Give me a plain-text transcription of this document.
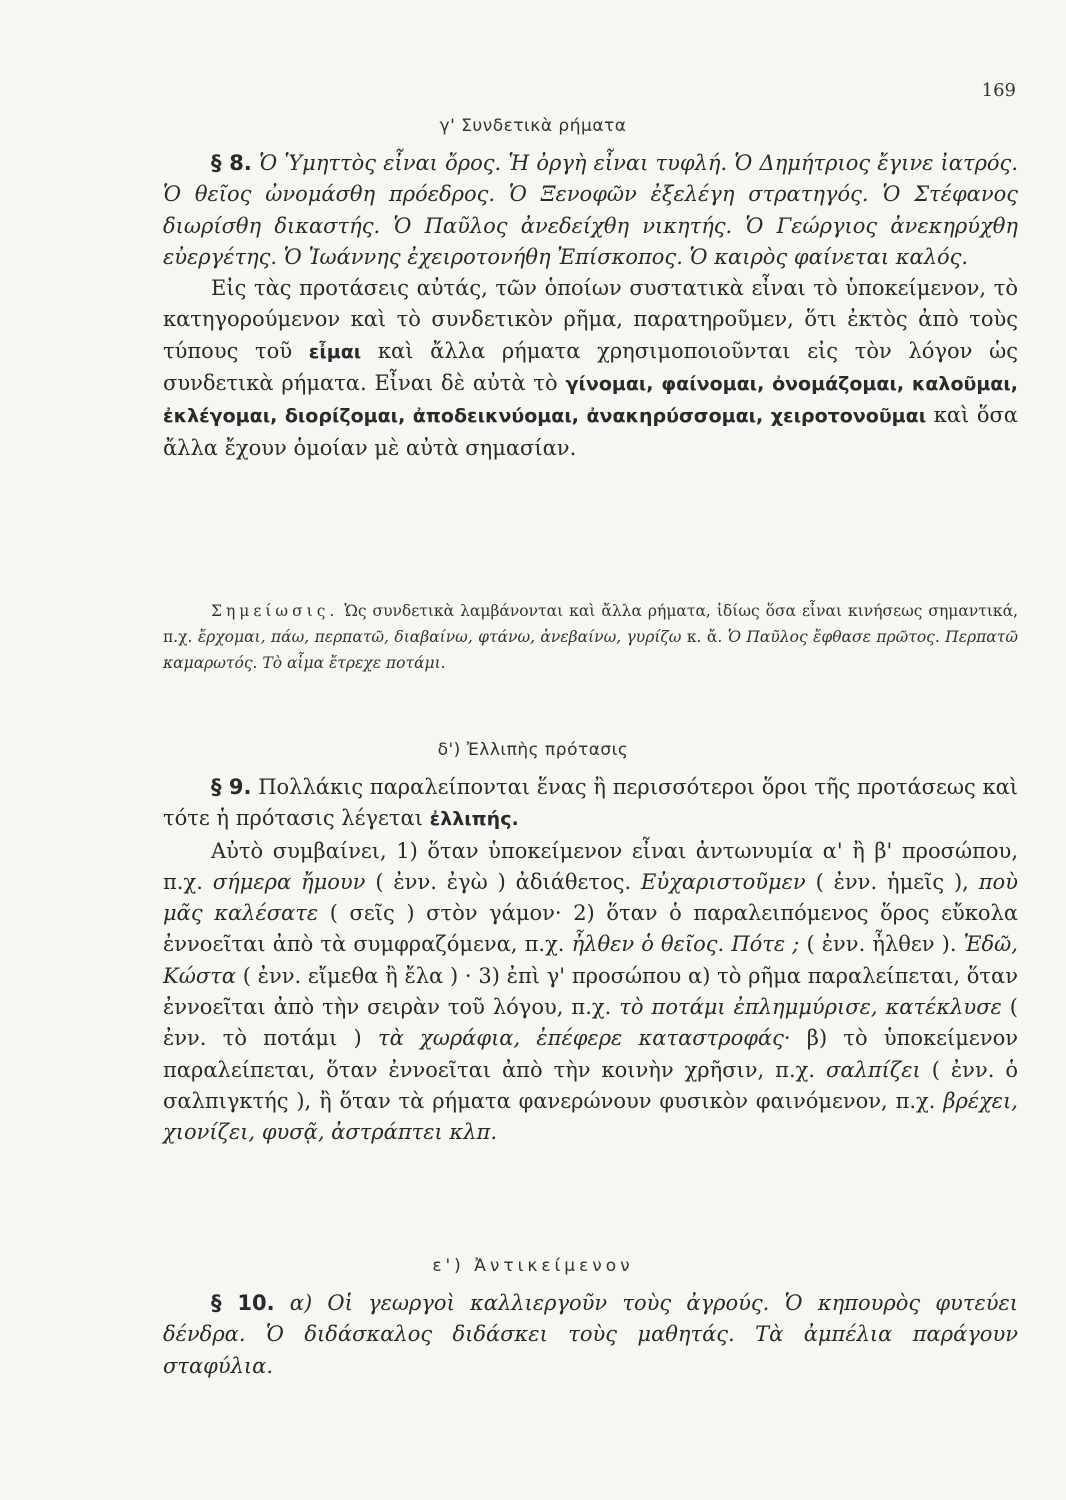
169
γ' Συνδετικὰ ρήματα

§ 8. Ὁ Ὑμηττὸς εἶναι ὄρος. Ἡ ὀργὴ εἶναι τυφλή. Ὁ Δημήτριος ἔγινε ἰατρός. Ὁ θεῖος ὠνομάσθη πρόεδρος. Ὁ Ξενοφῶν ἐξελέγη στρατηγός. Ὁ Στέφανος διωρίσθη δικαστής. Ὁ Παῦλος ἀνεδείχθη νικητής. Ὁ Γεώργιος ἀνεκηρύχθη εὐεργέτης. Ὁ Ἰωάννης ἐχειροτονήθη Ἐπίσκοπος. Ὁ καιρὸς φαίνεται καλός.

Εἰς τὰς προτάσεις αὐτάς, τῶν ὁποίων συστατικὰ εἶναι τὸ ὑποκείμενον, τὸ κατηγορούμενον καὶ τὸ συνδετικὸν ρῆμα, παρατηροῦμεν, ὅτι ἐκτὸς ἀπὸ τοὺς τύπους τοῦ εἶμαι καὶ ἄλλα ρήματα χρησιμοποιοῦνται εἰς τὸν λόγον ὡς συνδετικὰ ρήματα. Εἶναι δὲ αὐτὰ τὸ γίνομαι, φαίνομαι, ὀνομάζομαι, καλοῦμαι, ἐκλέγομαι, διορίζομαι, ἀποδεικνύομαι, ἀνακηρύσσομαι, χειροτονοῦμαι καὶ ὅσα ἄλλα ἔχουν ὁμοίαν μὲ αὐτὰ σημασίαν.

Σημείωσις. Ὡς συνδετικὰ λαμβάνονται καὶ ἄλλα ρήματα, ἰδίως ὅσα εἶναι κινήσεως σημαντικά, π.χ. ἔρχομαι, πάω, περπατῶ, διαβαίνω, φτάνω, ἀνεβαίνω, γυρίζω κ. ἄ. Ὁ Παῦλος ἔφθασε πρῶτος. Περπατῶ καμαρωτός. Τὸ αἷμα ἔτρεχε ποτάμι.

δ') Ἐλλιπὴς πρότασις

§ 9. Πολλάκις παραλείπονται ἕνας ἢ περισσότεροι ὅροι τῆς προτάσεως καὶ τότε ἡ πρότασις λέγεται ἐλλιπής.

Αὐτὸ συμβαίνει, 1) ὅταν ὑποκείμενον εἶναι ἀντωνυμία α' ἢ β' προσώπου, π.χ. σήμερα ἤμουν ( ἐνν. ἐγὼ ) ἀδιάθετος. Εὐχαριστοῦμεν ( ἐνν. ἡμεῖς ), ποὺ μᾶς καλέσατε ( σεῖς ) στὸν γάμον· 2) ὅταν ὁ παραλειπόμενος ὅρος εὔκολα ἐννοεῖται ἀπὸ τὰ συμφραζόμενα, π.χ. ἦλθεν ὁ θεῖος. Πότε ; ( ἐνν. ἦλθεν ). Ἐδῶ, Κώστα ( ἐνν. εἴμεθα ἢ ἔλα ) · 3) ἐπὶ γ' προσώπου α) τὸ ρῆμα παραλείπεται, ὅταν ἐννοεῖται ἀπὸ τὴν σειρὰν τοῦ λόγου, π.χ. τὸ ποτάμι ἐπλημμύρισε, κατέκλυσε ( ἐνν. τὸ ποτάμι ) τὰ χωράφια, ἐπέφερε καταστροφάς· β) τὸ ὑποκείμενον παραλείπεται, ὅταν ἐννοεῖται ἀπὸ τὴν κοινὴν χρῆσιν, π.χ. σαλπίζει ( ἐνν. ὁ σαλπιγκτής ), ἢ ὅταν τὰ ρήματα φανερώνουν φυσικὸν φαινόμενον, π.χ. βρέχει, χιονίζει, φυσᾷ, ἀστράπτει κλπ.

ε') Ἀντικείμενον

§ 10. α) Οἱ γεωργοὶ καλλιεργοῦν τοὺς ἀγρούς. Ὁ κηπουρὸς φυτεύει δένδρα. Ὁ διδάσκαλος διδάσκει τοὺς μαθητάς. Τὰ ἀμπέλια παράγουν σταφύλια.
